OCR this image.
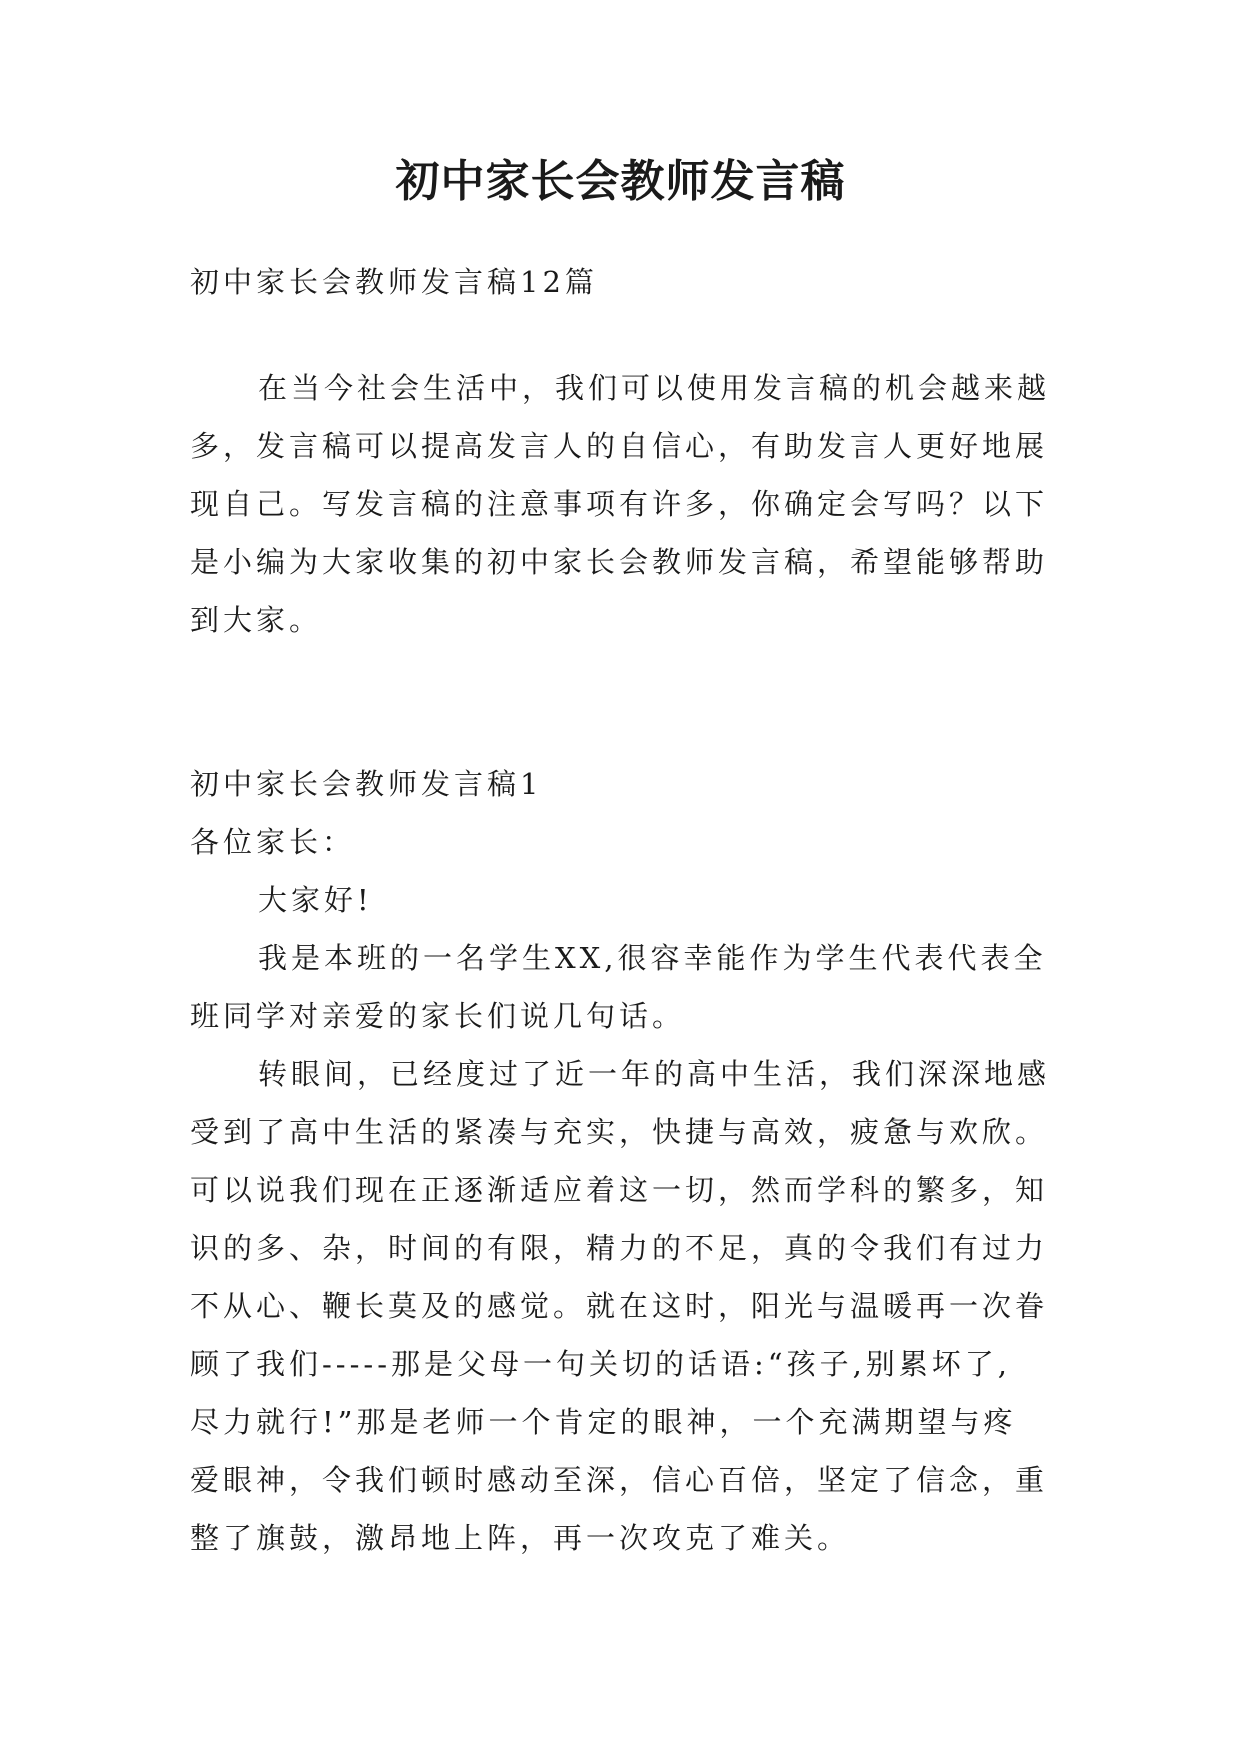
初中家长会教师发言稿

初中家长会教师发言稿12篇

在当今社会生活中，我们可以使用发言稿的机会越来越
多，发言稿可以提高发言人的自信心，有助发言人更好地展
现自己。写发言稿的注意事项有许多，你确定会写吗？以下
是小编为大家收集的初中家长会教师发言稿，希望能够帮助
到大家。

初中家长会教师发言稿1

各位家长：

大家好!

我是本班的一名学生XX,很容幸能作为学生代表代表全
班同学对亲爱的家长们说几句话。
转眼间，已经度过了近一年的高中生活，我们深深地感
受到了高中生活的紧凑与充实，快捷与高效，疲惫与欢欣。
可以说我们现在正逐渐适应着这一切，然而学科的繁多，知
识的多、杂，时间的有限，精力的不足，真的令我们有过力
不从心、鞭长莫及的感觉。就在这时，阳光与温暖再一次眷
顾了我们-----那是父母一句关切的话语:“孩子,别累坏了,
尽力就行!”那是老师一个肯定的眼神，一个充满期望与疼
爱眼神，令我们顿时感动至深，信心百倍，坚定了信念，重
整了旗鼓，激昂地上阵，再一次攻克了难关。
